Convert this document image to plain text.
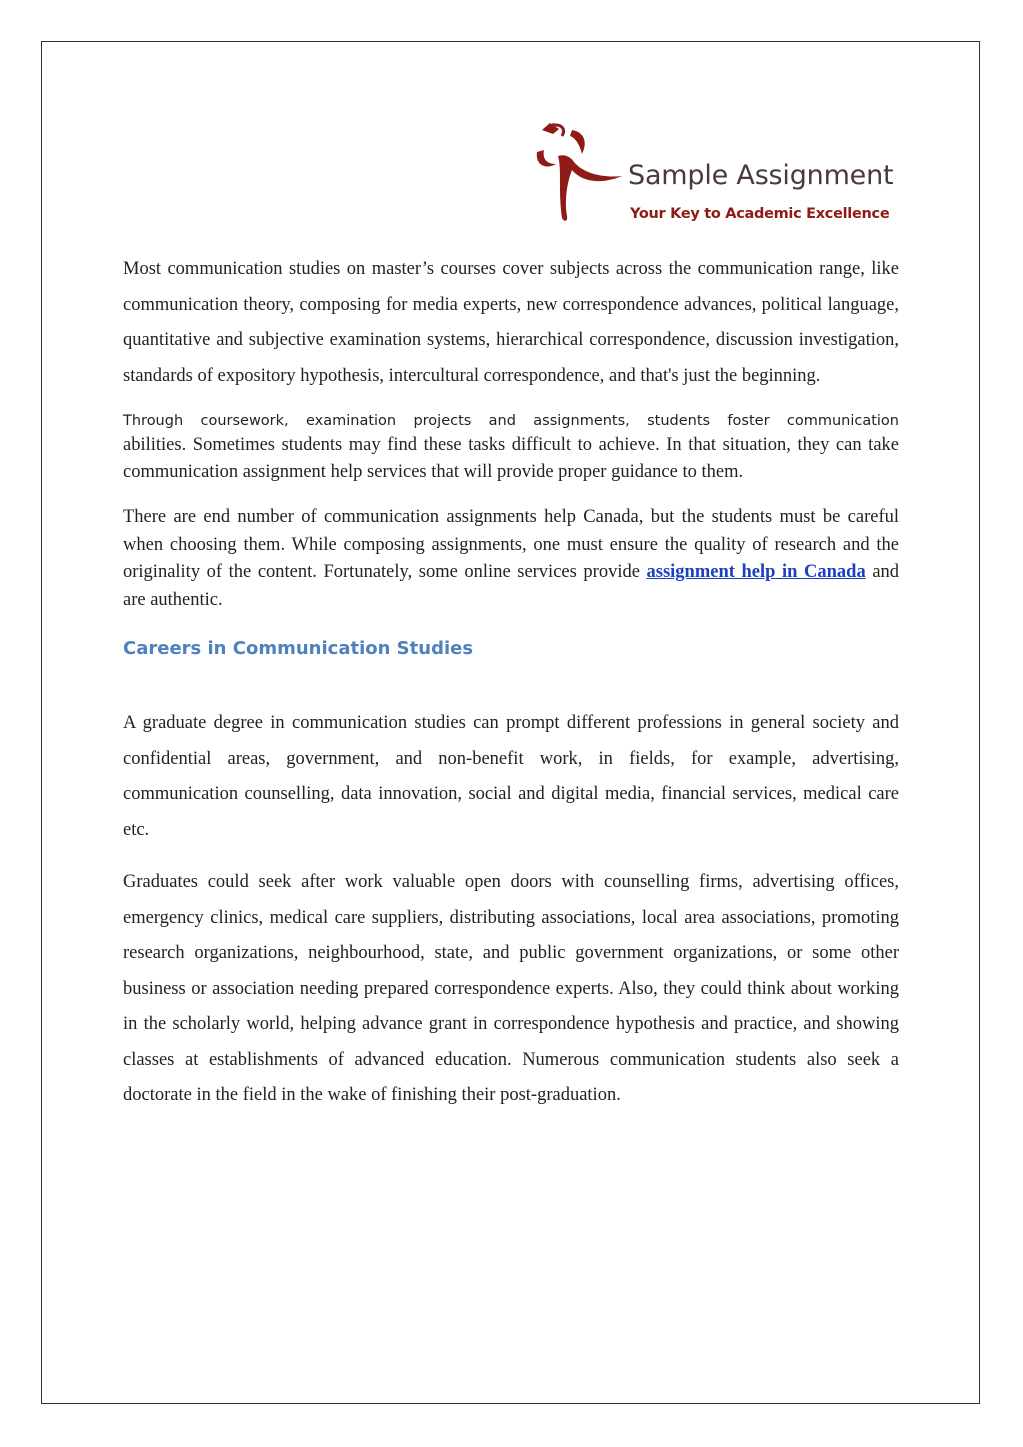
Sample Assignment
Your Key to Academic Excellence

Most communication studies on master’s courses cover subjects across the communication range, like communication theory, composing for media experts, new correspondence advances, political language, quantitative and subjective examination systems, hierarchical correspondence, discussion investigation, standards of expository hypothesis, intercultural correspondence, and that's just the beginning.

Through coursework, examination projects and assignments, students foster communication

abilities. Sometimes students may find these tasks difficult to achieve. In that situation, they can take communication assignment help services that will provide proper guidance to them.

There are end number of communication assignments help Canada, but the students must be careful when choosing them. While composing assignments, one must ensure the quality of research and the originality of the content. Fortunately, some online services provide assignment help in Canada and are authentic.

Careers in Communication Studies

A graduate degree in communication studies can prompt different professions in general society and confidential areas, government, and non-benefit work, in fields, for example, advertising, communication counselling, data innovation, social and digital media, financial services, medical care etc.

Graduates could seek after work valuable open doors with counselling firms, advertising offices, emergency clinics, medical care suppliers, distributing associations, local area associations, promoting research organizations, neighbourhood, state, and public government organizations, or some other business or association needing prepared correspondence experts. Also, they could think about working in the scholarly world, helping advance grant in correspondence hypothesis and practice, and showing classes at establishments of advanced education. Numerous communication students also seek a doctorate in the field in the wake of finishing their post-graduation.
